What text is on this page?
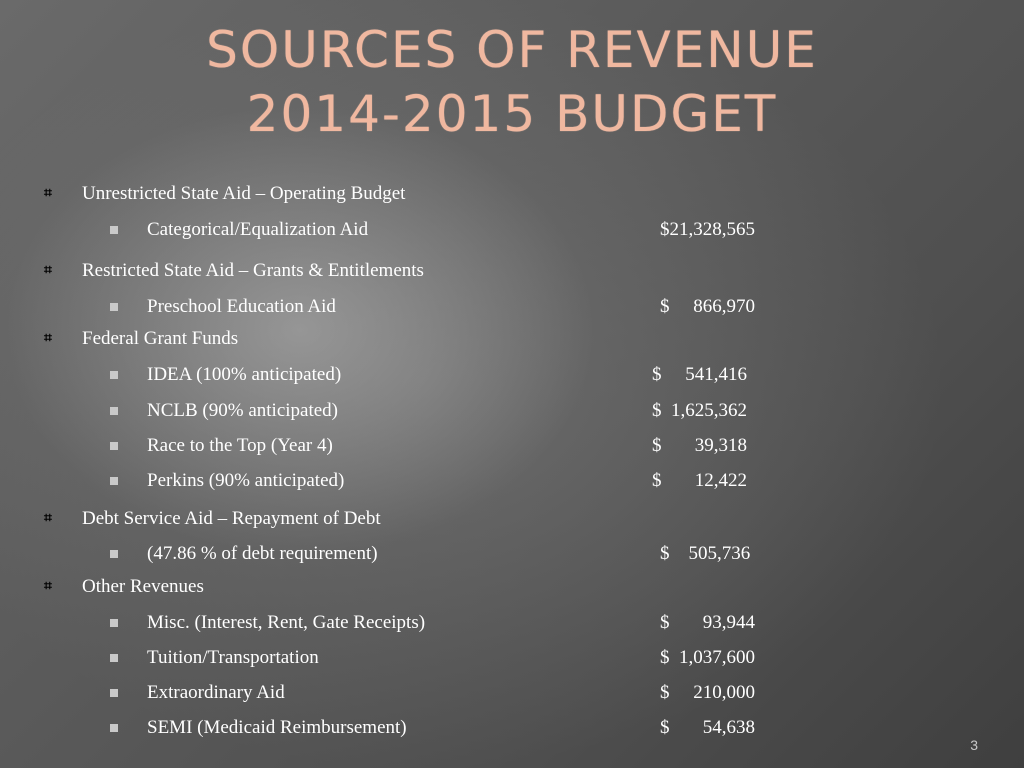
SOURCES OF REVENUE
2014-2015 BUDGET
⌗ Unrestricted State Aid – Operating Budget
Categorical/Equalization Aid	$21,328,565
⌗ Restricted State Aid – Grants & Entitlements
Preschool Education Aid	$     866,970
⌗ Federal Grant Funds
IDEA (100% anticipated)	$     541,416
NCLB (90% anticipated)	$  1,625,362
Race to the Top (Year 4)	$       39,318
Perkins (90% anticipated)	$       12,422
⌗ Debt Service Aid – Repayment of Debt
(47.86 % of debt requirement)	$    505,736
⌗ Other Revenues
Misc. (Interest, Rent, Gate Receipts)	$       93,944
Tuition/Transportation	$  1,037,600
Extraordinary Aid	$     210,000
SEMI (Medicaid Reimbursement)	$       54,638
3
